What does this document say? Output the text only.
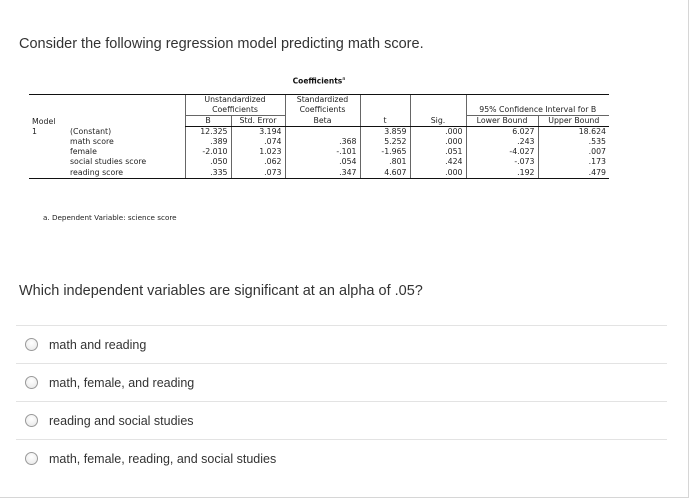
Consider the following regression model predicting math score.
Coefficients$^a$
Model		Unstandardized		Standardized				
		Coefficients		Coefficients			95% Confidence Interval for B	
		B	Std. Error	Beta	t	Sig.	Lower Bound	Upper Bound
1	(Constant)	12.325	3.194		3.859	.000	6.027	18.624
	math score	.389	.074	.368	5.252	.000	.243	.535
	female	-2.010	1.023	-.101	-1.965	.051	-4.027	.007
	social studies score	.050	.062	.054	.801	.424	-.073	.173
	reading score	.335	.073	.347	4.607	.000	.192	.479
a. Dependent Variable: science score
Which independent variables are significant at an alpha of .05?
math and reading
math, female, and reading
reading and social studies
math, female, reading, and social studies
